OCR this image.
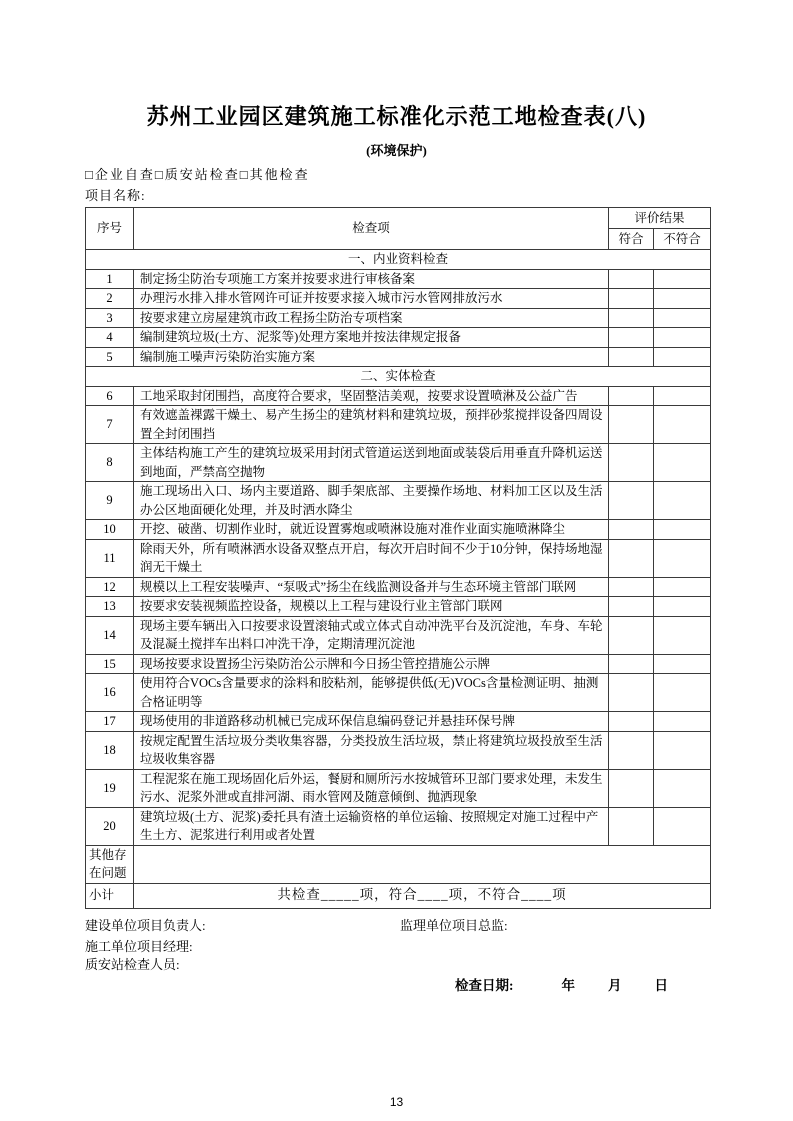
苏州工业园区建筑施工标准化示范工地检查表(八)
(环境保护)
□企业自查□质安站检查□其他检查
项目名称:
序号	检查项	评价结果	
		符合	不符合
一、内业资料检查			
1	制定扬尘防治专项施工方案并按要求进行审核备案		
2	办理污水排入排水管网许可证并按要求接入城市污水管网排放污水		
3	按要求建立房屋建筑市政工程扬尘防治专项档案		
4	编制建筑垃圾(土方、泥浆等)处理方案地并按法律规定报备		
5	编制施工噪声污染防治实施方案		
二、实体检查			
6	工地采取封闭围挡，高度符合要求，坚固整洁美观，按要求设置喷淋及公益广告		
7	有效遮盖裸露干燥土、易产生扬尘的建筑材料和建筑垃圾，预拌砂浆搅拌设备四周设置全封闭围挡		
8	主体结构施工产生的建筑垃圾采用封闭式管道运送到地面或装袋后用垂直升降机运送到地面，严禁高空抛物		
9	施工现场出入口、场内主要道路、脚手架底部、主要操作场地、材料加工区以及生活办公区地面硬化处理，并及时洒水降尘		
10	开挖、破凿、切割作业时，就近设置雾炮或喷淋设施对准作业面实施喷淋降尘		
11	除雨天外，所有喷淋洒水设备双整点开启，每次开启时间不少于10分钟，保持场地湿润无干燥土		
12	规模以上工程安装噪声、“泵吸式”扬尘在线监测设备并与生态环境主管部门联网		
13	按要求安装视频监控设备，规模以上工程与建设行业主管部门联网		
14	现场主要车辆出入口按要求设置滚轴式或立体式自动冲洗平台及沉淀池，车身、车轮及混凝土搅拌车出料口冲洗干净，定期清理沉淀池		
15	现场按要求设置扬尘污染防治公示牌和今日扬尘管控措施公示牌		
16	使用符合VOCs含量要求的涂料和胶粘剂，能够提供低(无)VOCs含量检测证明、抽测合格证明等		
17	现场使用的非道路移动机械已完成环保信息编码登记并悬挂环保号牌		
18	按规定配置生活垃圾分类收集容器，分类投放生活垃圾，禁止将建筑垃圾投放至生活垃圾收集容器		
19	工程泥浆在施工现场固化后外运，餐厨和厕所污水按城管环卫部门要求处理，未发生污水、泥浆外泄或直排河湖、雨水管网及随意倾倒、抛洒现象		
20	建筑垃圾(土方、泥浆)委托具有渣土运输资格的单位运输、按照规定对施工过程中产生土方、泥浆进行利用或者处置		
其他存在问题			
小计	共检查_____项，符合____项，不符合____项		
建设单位项目负责人:	监理单位项目总监:
施工单位项目经理:
质安站检查人员:
检查日期:	年 月 日
13
